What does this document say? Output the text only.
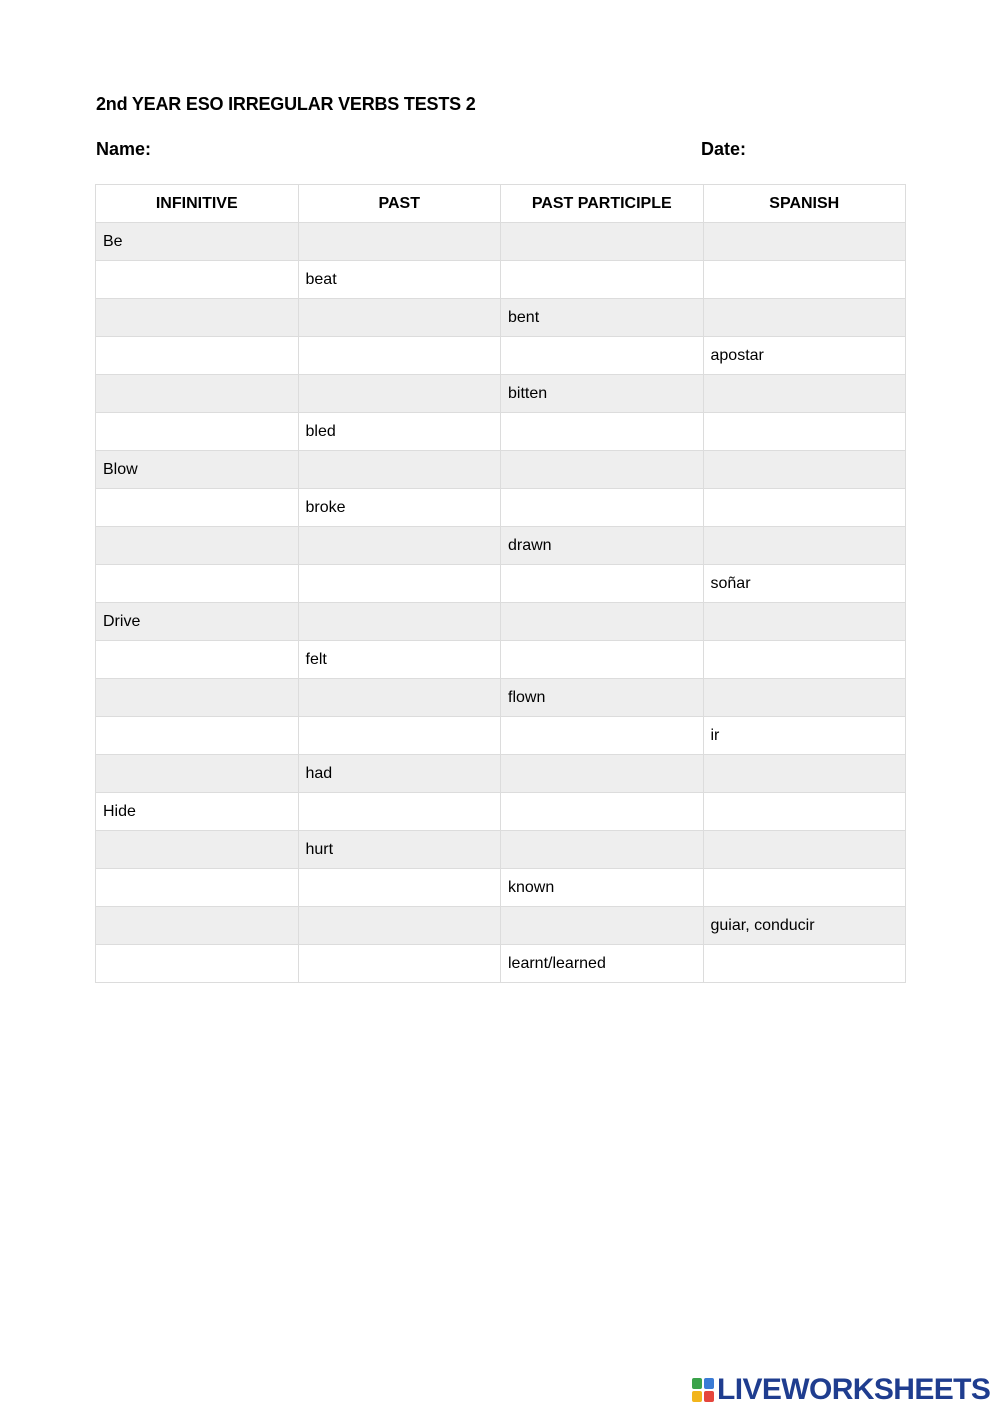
2nd YEAR ESO IRREGULAR VERBS TESTS 2
Name:	Date:
INFINITIVE	PAST	PAST PARTICIPLE	SPANISH
Be			
	beat		
		bent	
			apostar
		bitten	
	bled		
Blow			
	broke		
		drawn	
			soñar
Drive			
	felt		
		flown	
			ir
	had		
Hide			
	hurt		
		known	
			guiar, conducir
		learnt/learned	
LIVEWORKSHEETS
